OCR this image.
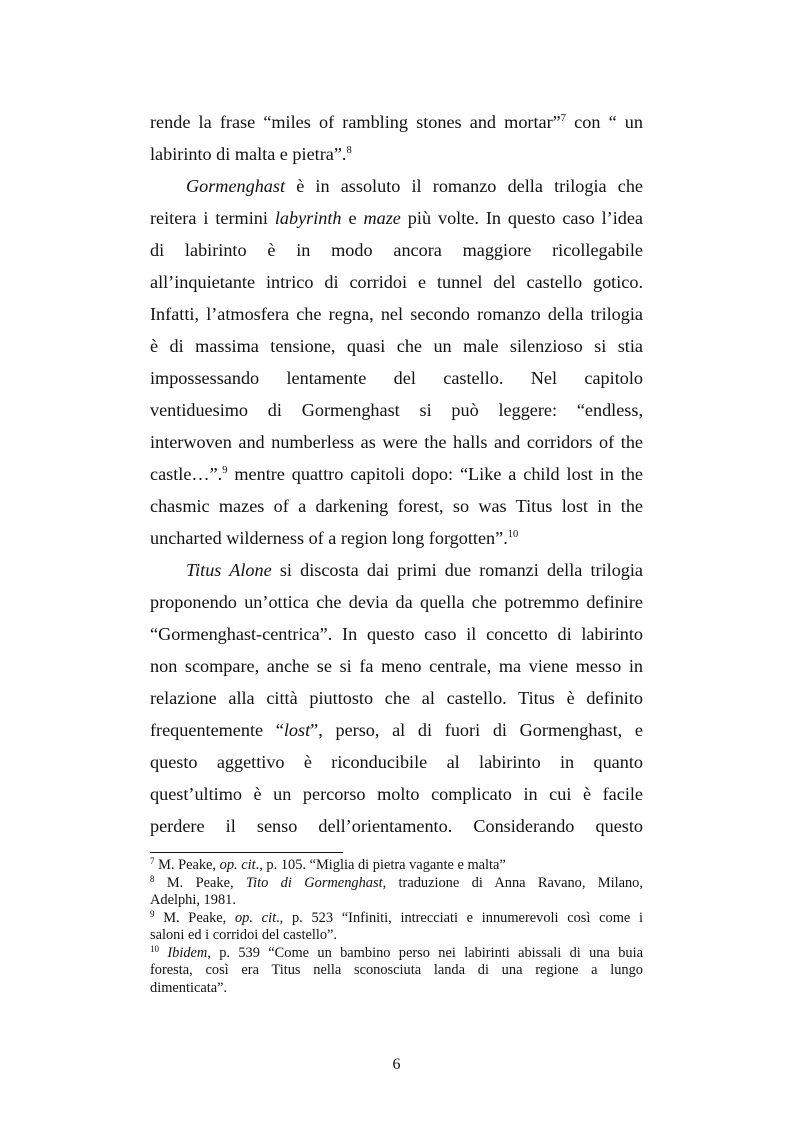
rende la frase “miles of rambling stones and mortar”$^7$ con “ un
labirinto di malta e pietra”.$^8$
Gormenghast è in assoluto il romanzo della trilogia che
reitera i termini labyrinth e maze più volte. In questo caso l’idea
di labirinto è in modo ancora maggiore ricollegabile
all’inquietante intrico di corridoi e tunnel del castello gotico.
Infatti, l’atmosfera che regna, nel secondo romanzo della trilogia
è di massima tensione, quasi che un male silenzioso si stia
impossessando lentamente del castello. Nel capitolo
ventiduesimo di Gormenghast si può leggere: “endless,
interwoven and numberless as were the halls and corridors of the
castle…”.$^9$ mentre quattro capitoli dopo: “Like a child lost in the
chasmic mazes of a darkening forest, so was Titus lost in the
uncharted wilderness of a region long forgotten”.$^{10}$
Titus Alone si discosta dai primi due romanzi della trilogia
proponendo un’ottica che devia da quella che potremmo definire
“Gormenghast-centrica”. In questo caso il concetto di labirinto
non scompare, anche se si fa meno centrale, ma viene messo in
relazione alla città piuttosto che al castello. Titus è definito
frequentemente “lost”, perso, al di fuori di Gormenghast, e
questo aggettivo è riconducibile al labirinto in quanto
quest’ultimo è un percorso molto complicato in cui è facile
perdere il senso dell’orientamento. Considerando questo
$^7$ M. Peake, op. cit., p. 105. “Miglia di pietra vagante e malta”
$^8$ M. Peake, Tito di Gormenghast, traduzione di Anna Ravano, Milano,
Adelphi, 1981.
$^9$ M. Peake, op. cit., p. 523 “Infiniti, intrecciati e innumerevoli così come i
saloni ed i corridoi del castello”.
$^{10}$ Ibidem, p. 539 “Come un bambino perso nei labirinti abissali di una buia
foresta, così era Titus nella sconosciuta landa di una regione a lungo
dimenticata”.
6
